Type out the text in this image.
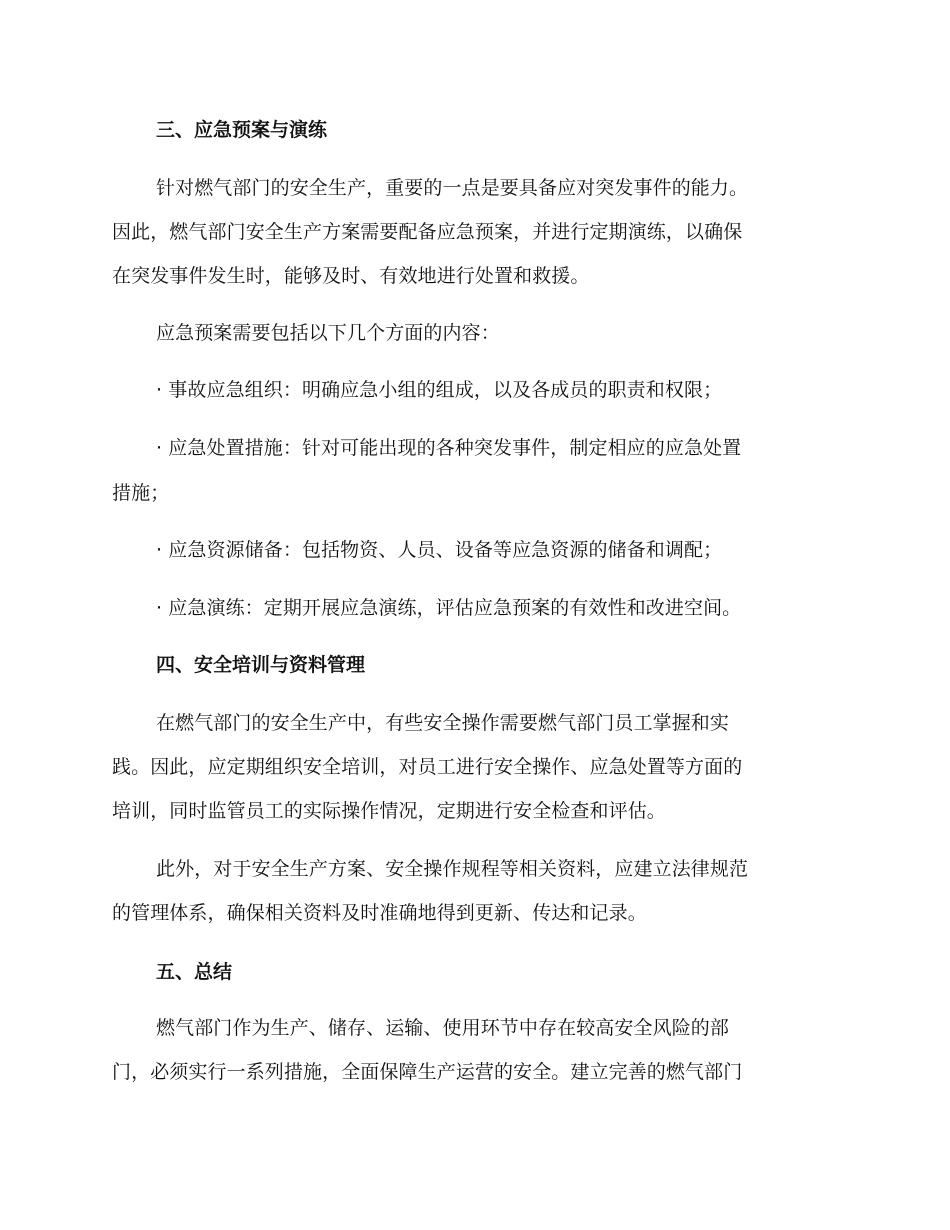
三、应急预案与演练
针对燃气部门的安全生产，重要的一点是要具备应对突发事件的能力。
因此，燃气部门安全生产方案需要配备应急预案，并进行定期演练，以确保
在突发事件发生时，能够及时、有效地进行处置和救援。
应急预案需要包括以下几个方面的内容：
· 事故应急组织：明确应急小组的组成，以及各成员的职责和权限；
· 应急处置措施：针对可能出现的各种突发事件，制定相应的应急处置
措施；
· 应急资源储备：包括物资、人员、设备等应急资源的储备和调配；
· 应急演练：定期开展应急演练，评估应急预案的有效性和改进空间。
四、安全培训与资料管理
在燃气部门的安全生产中，有些安全操作需要燃气部门员工掌握和实
践。因此，应定期组织安全培训，对员工进行安全操作、应急处置等方面的
培训，同时监管员工的实际操作情况，定期进行安全检查和评估。
此外，对于安全生产方案、安全操作规程等相关资料，应建立法律规范
的管理体系，确保相关资料及时准确地得到更新、传达和记录。
五、总结
燃气部门作为生产、储存、运输、使用环节中存在较高安全风险的部
门，必须实行一系列措施，全面保障生产运营的安全。建立完善的燃气部门
